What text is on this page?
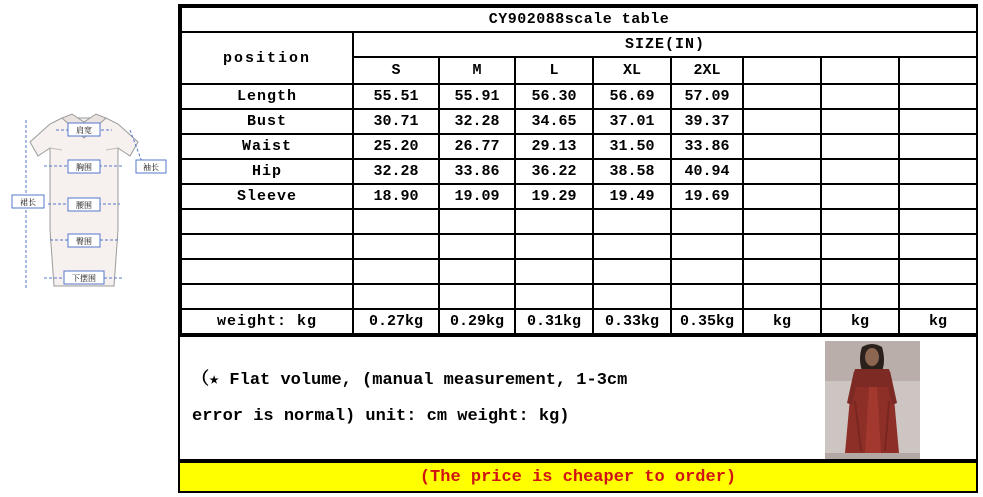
肩宽
袖长
胸围
裙长	腰围
臀围
下摆围
CY902088scale table								
position	SIZE(IN)							
	S	M	L	XL	2XL			
Length	55.51	55.91	56.30	56.69	57.09			
Bust	30.71	32.28	34.65	37.01	39.37			
Waist	25.20	26.77	29.13	31.50	33.86			
Hip	32.28	33.86	36.22	38.58	40.94			
Sleeve	18.90	19.09	19.29	19.49	19.69			

weight: kg	0.27kg	0.29kg	0.31kg	0.33kg	0.35kg	kg	kg	kg
（★ Flat volume, (manual measurement, 1-3cm
error is normal) unit: cm weight: kg)
(The price is cheaper to order)
